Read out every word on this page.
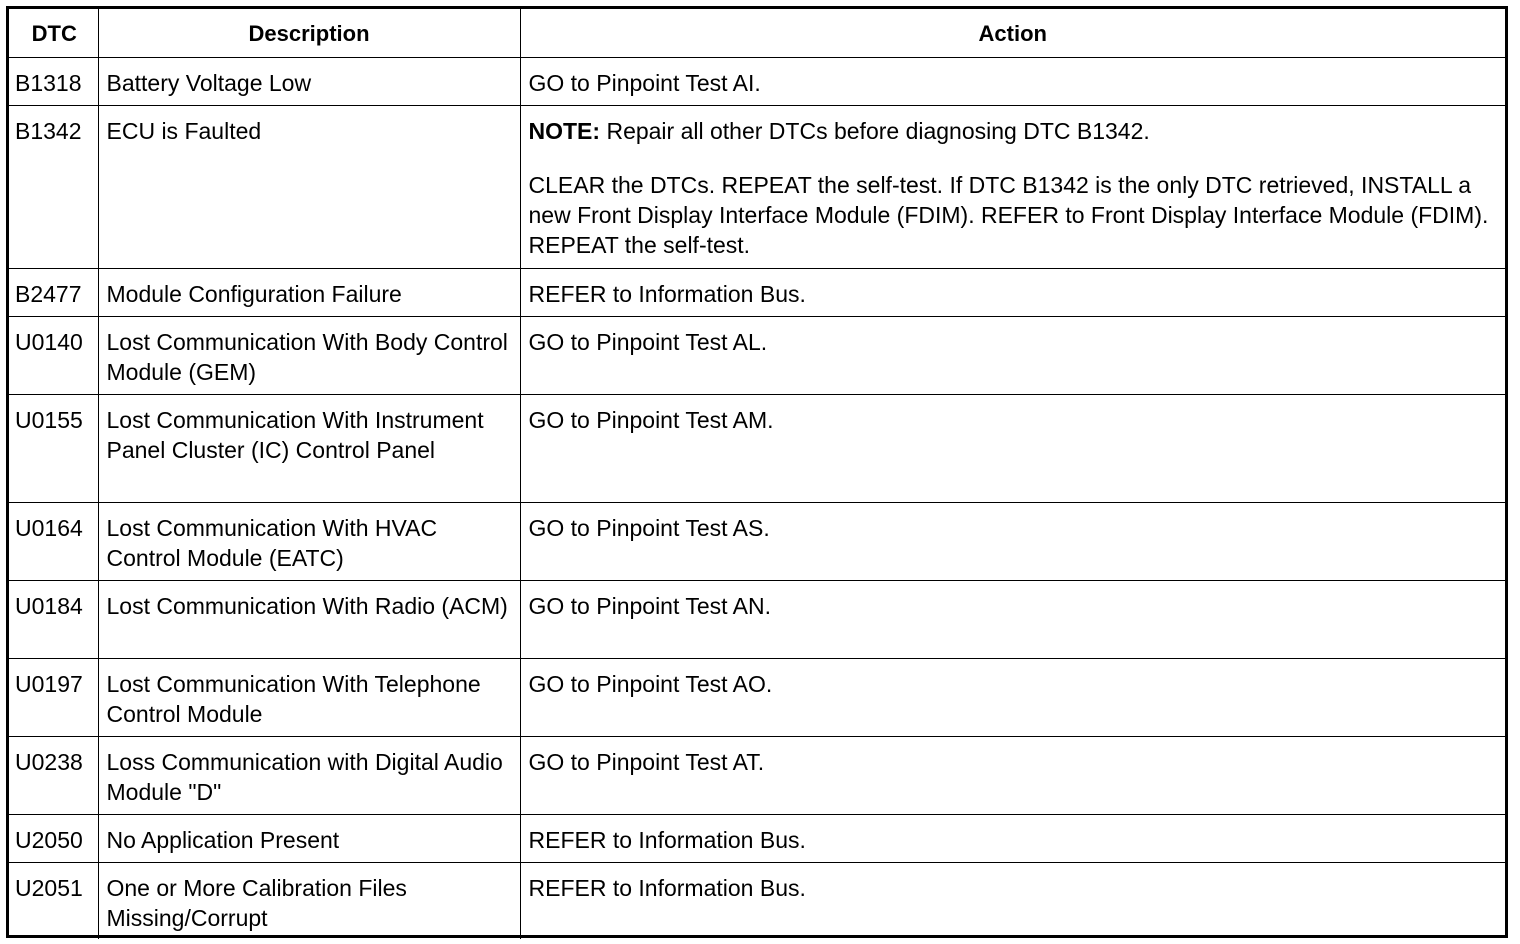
DTC	Description	Action
B1318	Battery Voltage Low	GO to Pinpoint Test AI.
B1342	ECU is Faulted	NOTE: Repair all other DTCs before diagnosing DTC B1342.
CLEAR the DTCs. REPEAT the self-test. If DTC B1342 is the only DTC retrieved, INSTALL a new Front Display Interface Module (FDIM). REFER to Front Display Interface Module (FDIM). REPEAT the self-test.

B2477	Module Configuration Failure	REFER to Information Bus.
U0140	Lost Communication With Body Control Module (GEM)	GO to Pinpoint Test AL.
U0155	Lost Communication With Instrument Panel Cluster (IC) Control Panel	GO to Pinpoint Test AM.
U0164	Lost Communication With HVAC Control Module (EATC)	GO to Pinpoint Test AS.
U0184	Lost Communication With Radio (ACM)	GO to Pinpoint Test AN.
U0197	Lost Communication With Telephone Control Module	GO to Pinpoint Test AO.
U0238	Loss Communication with Digital Audio Module "D"	GO to Pinpoint Test AT.
U2050	No Application Present	REFER to Information Bus.
U2051	One or More Calibration Files Missing/Corrupt	REFER to Information Bus.
